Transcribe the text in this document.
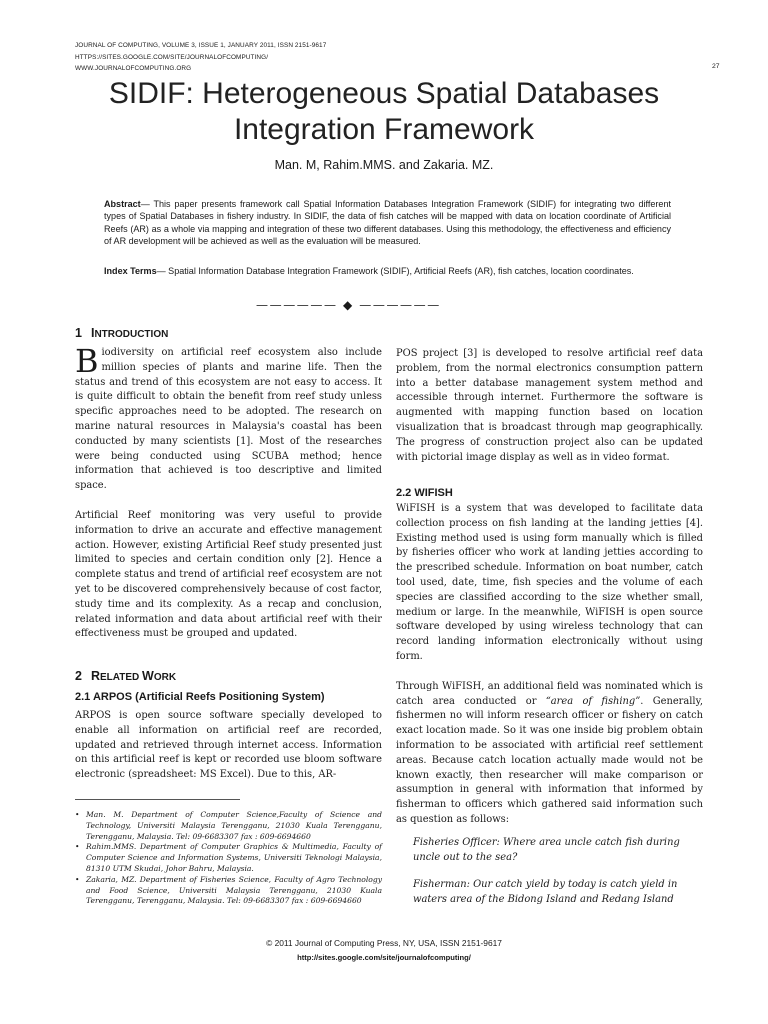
JOURNAL OF COMPUTING, VOLUME 3, ISSUE 1, JANUARY 2011, ISSN 2151-9617
HTTPS://SITES.GOOGLE.COM/SITE/JOURNALOFCOMPUTING/
WWW.JOURNALOFCOMPUTING.ORG	27
SIDIF: Heterogeneous Spatial Databases
Integration Framework
Man. M, Rahim.MMS. and Zakaria. MZ.
Abstract— This paper presents framework call Spatial Information Databases Integration Framework (SIDIF) for integrating two different types of Spatial Databases in fishery industry. In SIDIF, the data of fish catches will be mapped with data on location coordinate of Artificial Reefs (AR) as a whole via mapping and integration of these two different databases. Using this methodology, the effectiveness and efficiency of AR development will be achieved as well as the evaluation will be measured.
Index Terms— Spatial Information Database Integration Framework (SIDIF), Artificial Reefs (AR), fish catches, location coordinates.
—————— ◆ ——————
1 INTRODUCTION

Biodiversity on artificial reef ecosystem also include million species of plants and marine life. Then the status and trend of this ecosystem are not easy to access. It is quite difficult to obtain the benefit from reef study unless specific approaches need to be adopted. The research on marine natural resources in Malaysia's coastal has been conducted by many scientists [1]. Most of the researches were being conducted using SCUBA method; hence information that achieved is too descriptive and limited space.

Artificial Reef monitoring was very useful to provide information to drive an accurate and effective management action. However, existing Artificial Reef study presented just limited to species and certain condition only [2]. Hence a complete status and trend of artificial reef ecosystem are not yet to be discovered comprehensively because of cost factor, study time and its complexity. As a recap and conclusion, related information and data about artificial reef with their effectiveness must be grouped and updated.

2 RELATED WORK
2.1 ARPOS (Artificial Reefs Positioning System)

ARPOS is open source software specially developed to enable all information on artificial reef are recorded, updated and retrieved through internet access. Information on this artificial reef is kept or recorded use bloom software electronic (spreadsheet: MS Excel). Due to this, AR-

• Man. M. Department of Computer Science,Faculty of Science and Technology, Universiti Malaysia Terengganu, 21030 Kuala Terengganu, Terengganu, Malaysia. Tel: 09-6683307 fax : 609-6694660
• Rahim.MMS. Department of Computer Graphics & Multimedia, Faculty of Computer Science and Information Systems, Universiti Teknologi Malaysia, 81310 UTM Skudai, Johor Bahru, Malaysia.
• Zakaria, MZ. Department of Fisheries Science, Faculty of Agro Technology and Food Science, Universiti Malaysia Terengganu, 21030 Kuala Terengganu, Terengganu, Malaysia. Tel: 09-6683307 fax : 609-6694660

POS project [3] is developed to resolve artificial reef data problem, from the normal electronics consumption pattern into a better database management system method and accessible through internet. Furthermore the software is augmented with mapping function based on location visualization that is broadcast through map geographically. The progress of construction project also can be updated with pictorial image display as well as in video format.

2.2 WIFISH

WiFISH is a system that was developed to facilitate data collection process on fish landing at the landing jetties [4]. Existing method used is using form manually which is filled by fisheries officer who work at landing jetties according to the prescribed schedule. Information on boat number, catch tool used, date, time, fish species and the volume of each species are classified according to the size whether small, medium or large. In the meanwhile, WiFISH is open source software developed by using wireless technology that can record landing information electronically without using form.

Through WiFISH, an additional field was nominated which is catch area conducted or “area of fishing”. Generally, fishermen no will inform research officer or fishery on catch exact location made. So it was one inside big problem obtain information to be associated with artificial reef settlement areas. Because catch location actually made would not be known exactly, then researcher will make comparison or assumption in general with information that informed by fisherman to officers which gathered said information such as question as follows:

Fisheries Officer: Where area uncle catch fish during uncle out to the sea?
Fisherman: Our catch yield by today is catch yield in waters area of the Bidong Island and Redang Island
© 2011 Journal of Computing Press, NY, USA, ISSN 2151-9617
http://sites.google.com/site/journalofcomputing/
